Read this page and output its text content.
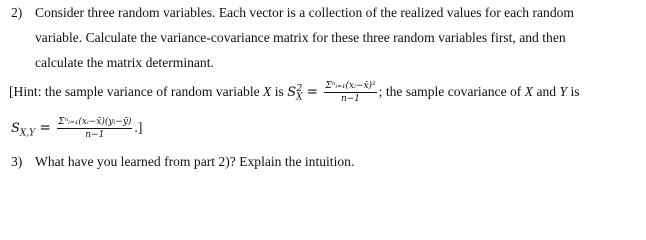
2) Consider three random variables. Each vector is a collection of the realized values for each random
variable. Calculate the variance-covariance matrix for these three random variables first, and then
calculate the matrix determinant.
[Hint: the sample variance of random variable X is $S_X^2 = \frac{\text{Σⁿᵢ₌₁(xᵢ−x̄)²}}{n-1}$ ; the sample covariance of X and Y is
$S_{X,Y} = \frac{\text{Σⁿᵢ₌₁(xᵢ−x̄)(yᵢ−ȳ)}}{n-1}$ .]
3) What have you learned from part 2)? Explain the intuition.
